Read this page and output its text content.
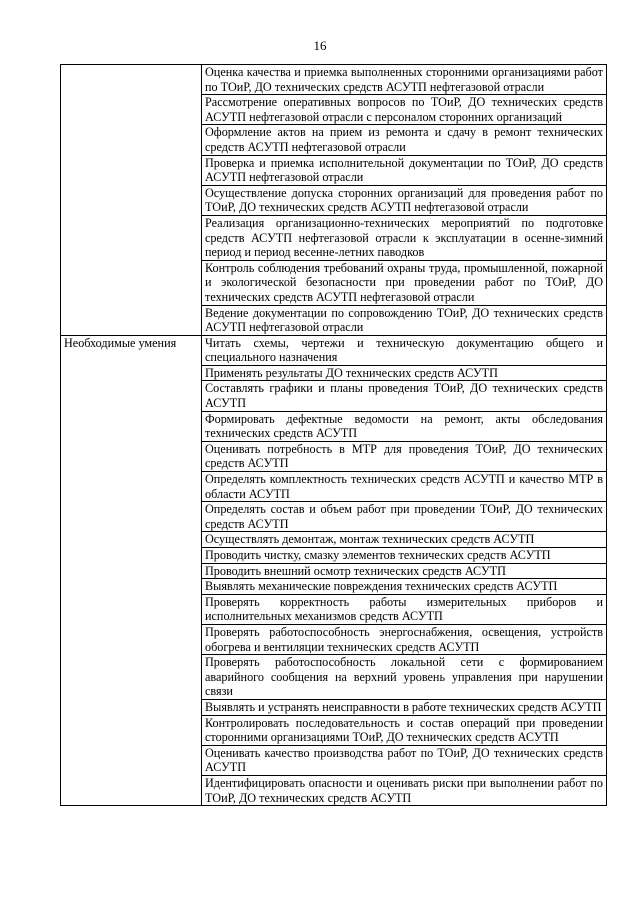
16
	Оценка качества и приемка выполненных сторонними организациями работ по ТОиР, ДО технических средств АСУТП нефтегазовой отрасли
	Рассмотрение оперативных вопросов по ТОиР, ДО технических средств АСУТП нефтегазовой отрасли с персоналом сторонних организаций
	Оформление актов на прием из ремонта и сдачу в ремонт технических средств АСУТП нефтегазовой отрасли
	Проверка и приемка исполнительной документации по ТОиР, ДО средств АСУТП нефтегазовой отрасли
	Осуществление допуска сторонних организаций для проведения работ по ТОиР, ДО технических средств АСУТП нефтегазовой отрасли
	Реализация организационно-технических мероприятий по подготовке средств АСУТП нефтегазовой отрасли к эксплуатации в осенне-зимний период и период весенне-летних паводков
	Контроль соблюдения требований охраны труда, промышленной, пожарной и экологической безопасности при проведении работ по ТОиР, ДО технических средств АСУТП нефтегазовой отрасли
	Ведение документации по сопровождению ТОиР, ДО технических средств АСУТП нефтегазовой отрасли
Необходимые умения	Читать схемы, чертежи и техническую документацию общего и специального назначения
	Применять результаты ДО технических средств АСУТП
	Составлять графики и планы проведения ТОиР, ДО технических средств АСУТП
	Формировать дефектные ведомости на ремонт, акты обследования технических средств АСУТП
	Оценивать потребность в МТР для проведения ТОиР, ДО технических средств АСУТП
	Определять комплектность технических средств АСУТП и качество МТР в области АСУТП
	Определять состав и объем работ при проведении ТОиР, ДО технических средств АСУТП
	Осуществлять демонтаж, монтаж технических средств АСУТП
	Проводить чистку, смазку элементов технических средств АСУТП
	Проводить внешний осмотр технических средств АСУТП
	Выявлять механические повреждения технических средств АСУТП
	Проверять корректность работы измерительных приборов и исполнительных механизмов средств АСУТП
	Проверять работоспособность энергоснабжения, освещения, устройств обогрева и вентиляции технических средств АСУТП
	Проверять работоспособность локальной сети с формированием аварийного сообщения на верхний уровень управления при нарушении связи
	Выявлять и устранять неисправности в работе технических средств АСУТП
	Контролировать последовательность и состав операций при проведении сторонними организациями ТОиР, ДО технических средств АСУТП
	Оценивать качество производства работ по ТОиР, ДО технических средств АСУТП
	Идентифицировать опасности и оценивать риски при выполнении работ по ТОиР, ДО технических средств АСУТП
